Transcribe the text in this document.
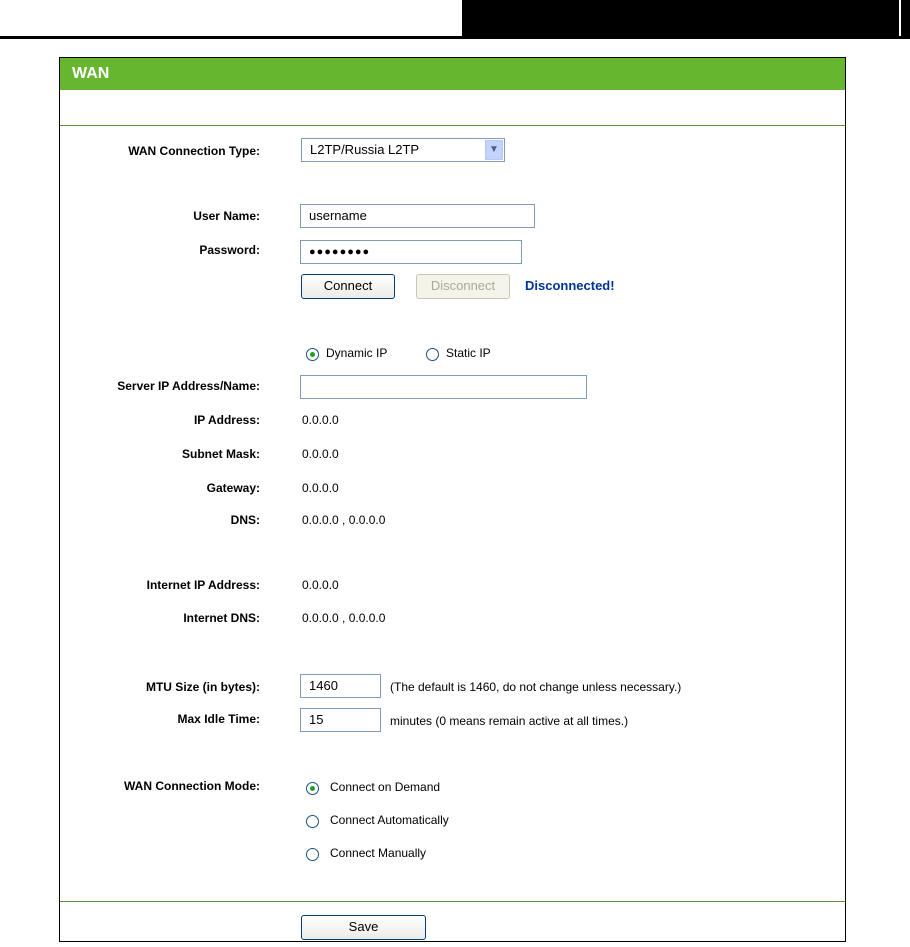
WAN
WAN Connection Type:	L2TP/Russia L2TP	▼
User Name:	username
Password:	●●●●●●●●
Connect	Disconnect	Disconnected!
Dynamic IP	Static IP
Server IP Address/Name:
IP Address:	0.0.0.0
Subnet Mask:	0.0.0.0
Gateway:	0.0.0.0
DNS:	0.0.0.0 , 0.0.0.0
Internet IP Address:	0.0.0.0
Internet DNS:	0.0.0.0 , 0.0.0.0
MTU Size (in bytes):	1460	(The default is 1460, do not change unless necessary.)
Max Idle Time:	15	minutes (0 means remain active at all times.)
WAN Connection Mode:	Connect on Demand
Connect Automatically
Connect Manually
Save
